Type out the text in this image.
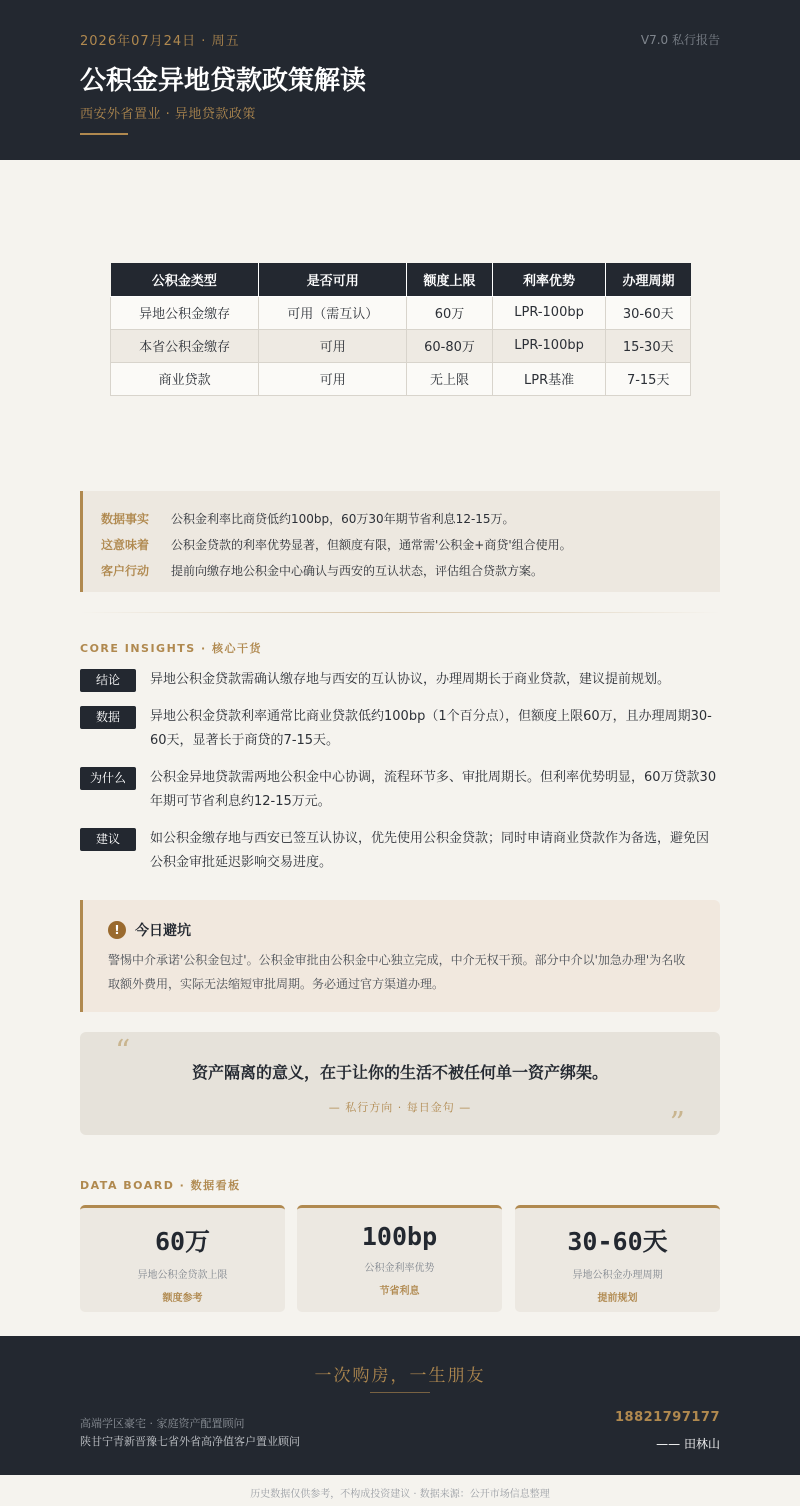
2026年07月24日 · 周五	V7.0 私行报告
公积金异地贷款政策解读
西安外省置业 · 异地贷款政策
公积金类型	是否可用	额度上限	利率优势	办理周期
异地公积金缴存	可用（需互认）	60万	LPR-100bp	30-60天
本省公积金缴存	可用	60-80万	LPR-100bp	15-30天
商业贷款	可用	无上限	LPR基准	7-15天
数据事实	公积金利率比商贷低约100bp，60万30年期节省利息12-15万。
这意味着	公积金贷款的利率优势显著，但额度有限，通常需'公积金+商贷'组合使用。
客户行动	提前向缴存地公积金中心确认与西安的互认状态，评估组合贷款方案。
CORE INSIGHTS · 核心干货
结论	异地公积金贷款需确认缴存地与西安的互认协议，办理周期长于商业贷款，建议提前规划。
数据	异地公积金贷款利率通常比商业贷款低约100bp（1个百分点），但额度上限60万，且办理周期30-60天，显著长于商贷的7-15天。
为什么	公积金异地贷款需两地公积金中心协调，流程环节多、审批周期长。但利率优势明显，60万贷款30年期可节省利息约12-15万元。
建议	如公积金缴存地与西安已签互认协议，优先使用公积金贷款；同时申请商业贷款作为备选，避免因公积金审批延迟影响交易进度。
!	今日避坑
警惕中介承诺'公积金包过'。公积金审批由公积金中心独立完成，中介无权干预。部分中介以'加急办理'为名收取额外费用，实际无法缩短审批周期。务必通过官方渠道办理。
“
资产隔离的意义，在于让你的生活不被任何单一资产绑架。
— 私行方向 · 每日金句 —	”
DATA BOARD · 数据看板
60万
异地公积金贷款上限
额度参考
100bp
公积金利率优势
节省利息
30-60天
异地公积金办理周期
提前规划
一次购房，一生朋友
高端学区豪宅 · 家庭资产配置顾问
陕甘宁青新晋豫七省外省高净值客户置业顾问
18821797177
—— 田林山
历史数据仅供参考，不构成投资建议 · 数据来源：公开市场信息整理
